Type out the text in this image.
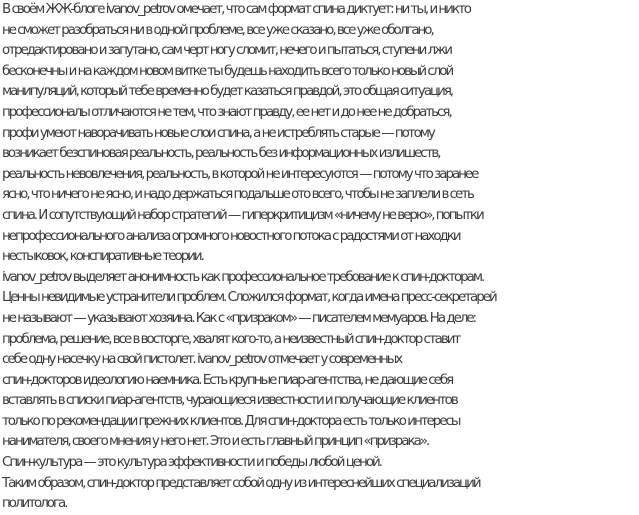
В своём ЖЖ-блоге ivanov_petrov омечает, что сам формат спина диктует: ни ты, и никто
не сможет разобраться ни в одной проблеме, все уже сказано, все уже оболгано,
отредактировано и запутано, сам черт ногу сломит, нечего и пытаться, ступени лжи
бесконечны и на каждом новом витке ты будешь находить всего только новый слой
манипуляций, который тебе временно будет казаться правдой, это общая ситуация,
профессионалы отличаются не тем, что знают правду, ее нет и до нее не добраться,
профи умеют наворачивать новые слои спина, а не истреблять старые — потому
возникает безспиновая реальность, реальность без информационных излишеств,
реальность невовлечения, реальность, в которой не интересуются — потому что заранее
ясно, что ничего не ясно, и надо держаться подальше ото всего, чтобы не заплели в сеть
спина. И сопутствующий набор стратегий — гиперкритицизм «ничему не верю», попытки
непрофессионального анализа огромного новостного потока с радостями от находки
нестыковок, конспиративные теории.
ivanov_petrov выделяет анонимность как профессиональное требование к спин-докторам.
Ценны невидимые устранители проблем. Сложился формат, когда имена пресс-секретарей
не называют — указывают хозяина. Как с «призраком» — писателем мемуаров. На деле:
проблема, решение, все в восторге, хвалят кого-то, а неизвестный спин-доктор ставит
себе одну насечку на свой пистолет. ivanov_petrov отмечает у современных
спин-докторов идеологию наемника. Есть крупные пиар-агентства, не дающие себя
вставлять в списки пиар-агентств, чурающиеся известности и получающие клиентов
только по рекомендации прежних клиентов. Для спин-доктора есть только интересы
нанимателя, своего мнения у него нет. Это и есть главный принцип «призрака».
Спин-культура — это культура эффективности и победы любой ценой.
Таким образом, спин-доктор представляет собой одну из интереснейших специализаций
политолога.
